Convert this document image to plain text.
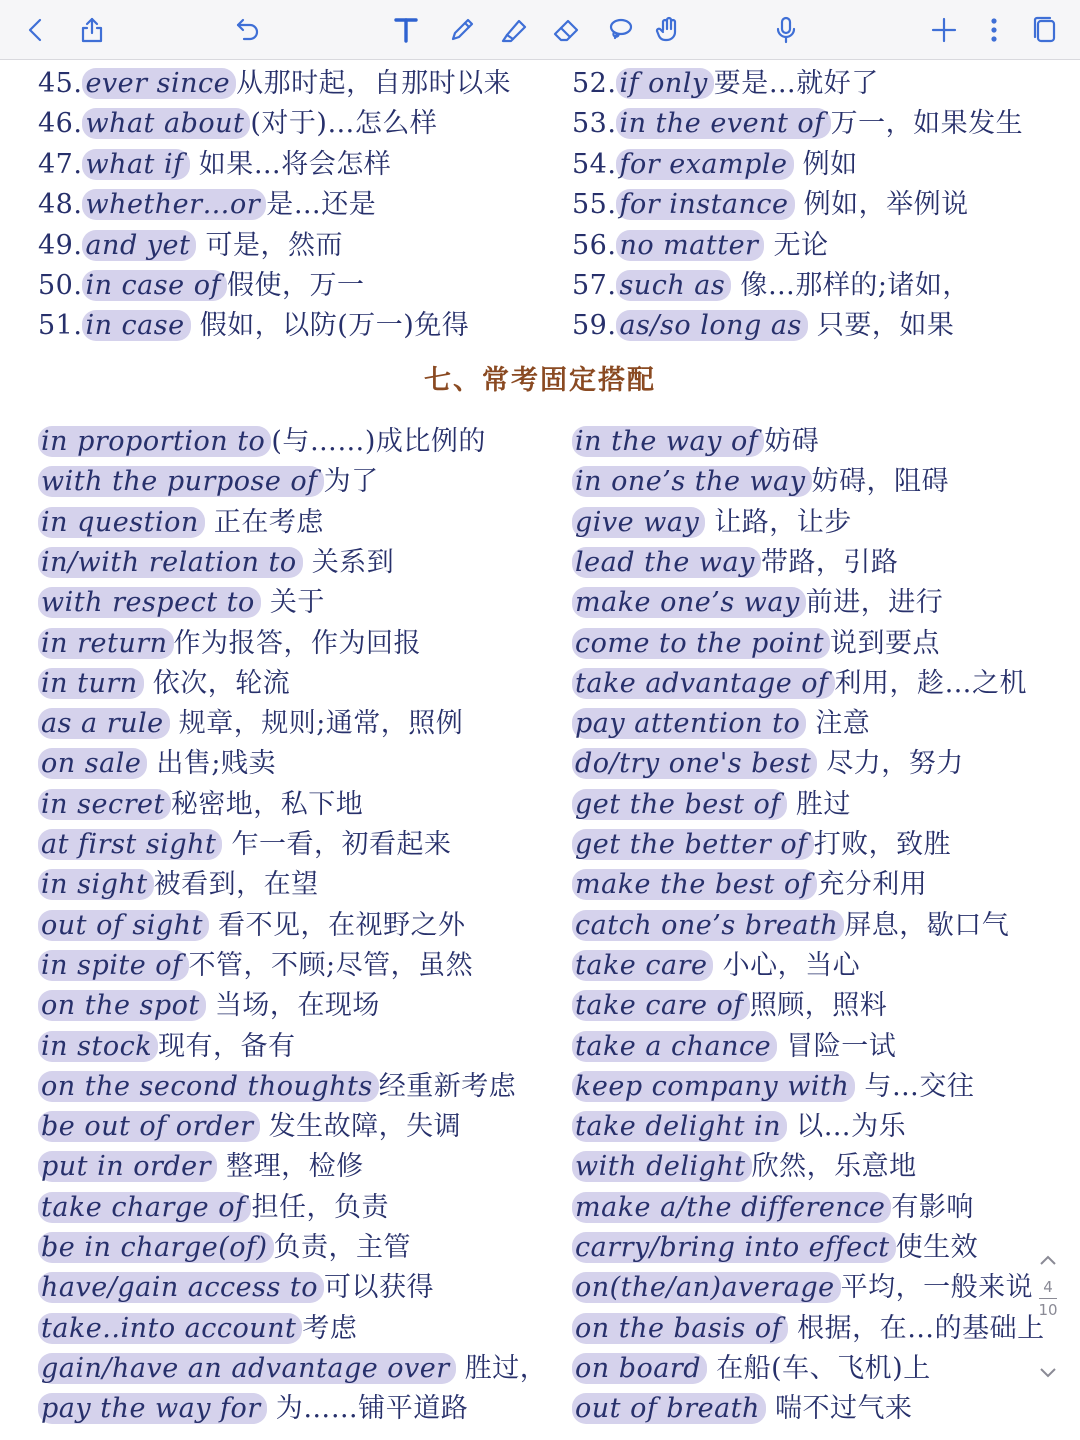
七、常考固定搭配
45. ever since 从那时起，自那时以来
46. what about (对于)…怎么样
47. what if 如果…将会怎样
48. whether…or 是…还是
49. and yet 可是，然而
50. in case of 假使，万一
51. in case 假如，以防(万一)免得
52. if only 要是…就好了
53. in the event of 万一，如果发生
54. for example 例如
55. for instance 例如，举例说
56. no matter 无论
57. such as 像…那样的;诸如，
59. as/so long as 只要，如果
in proportion to (与……)成比例的
with the purpose of 为了
in question 正在考虑
in/with relation to 关系到
with respect to 关于
in return 作为报答，作为回报
in turn 依次，轮流
as a rule 规章，规则;通常，照例
on sale 出售;贱卖
in secret 秘密地，私下地
at first sight 乍一看，初看起来
in sight 被看到，在望
out of sight 看不见，在视野之外
in spite of 不管，不顾;尽管，虽然
on the spot 当场，在现场
in stock 现有，备有
on the second thoughts 经重新考虑
be out of order 发生故障，失调
put in order 整理，检修
take charge of 担任，负责
be in charge(of) 负责，主管
have/gain access to 可以获得
take..into account 考虑
gain/have an advantage over 胜过，
pay the way for 为……铺平道路
in the way of 妨碍
in one’s the way 妨碍，阻碍
give way 让路，让步
lead the way 带路，引路
make one’s way 前进，进行
come to the point 说到要点
take advantage of 利用，趁…之机
pay attention to 注意
do/try one's best 尽力，努力
get the best of 胜过
get the better of 打败，致胜
make the best of 充分利用
catch one’s breath 屏息，歇口气
take care 小心，当心
take care of 照顾，照料
take a chance 冒险一试
keep company with 与…交往
take delight in 以…为乐
with delight 欣然，乐意地
make a/the difference 有影响
carry/bring into effect 使生效
on(the/an)average 平均，一般来说
on the basis of 根据，在…的基础上
on board 在船(车、飞机)上
out of breath 喘不过气来
4
10
